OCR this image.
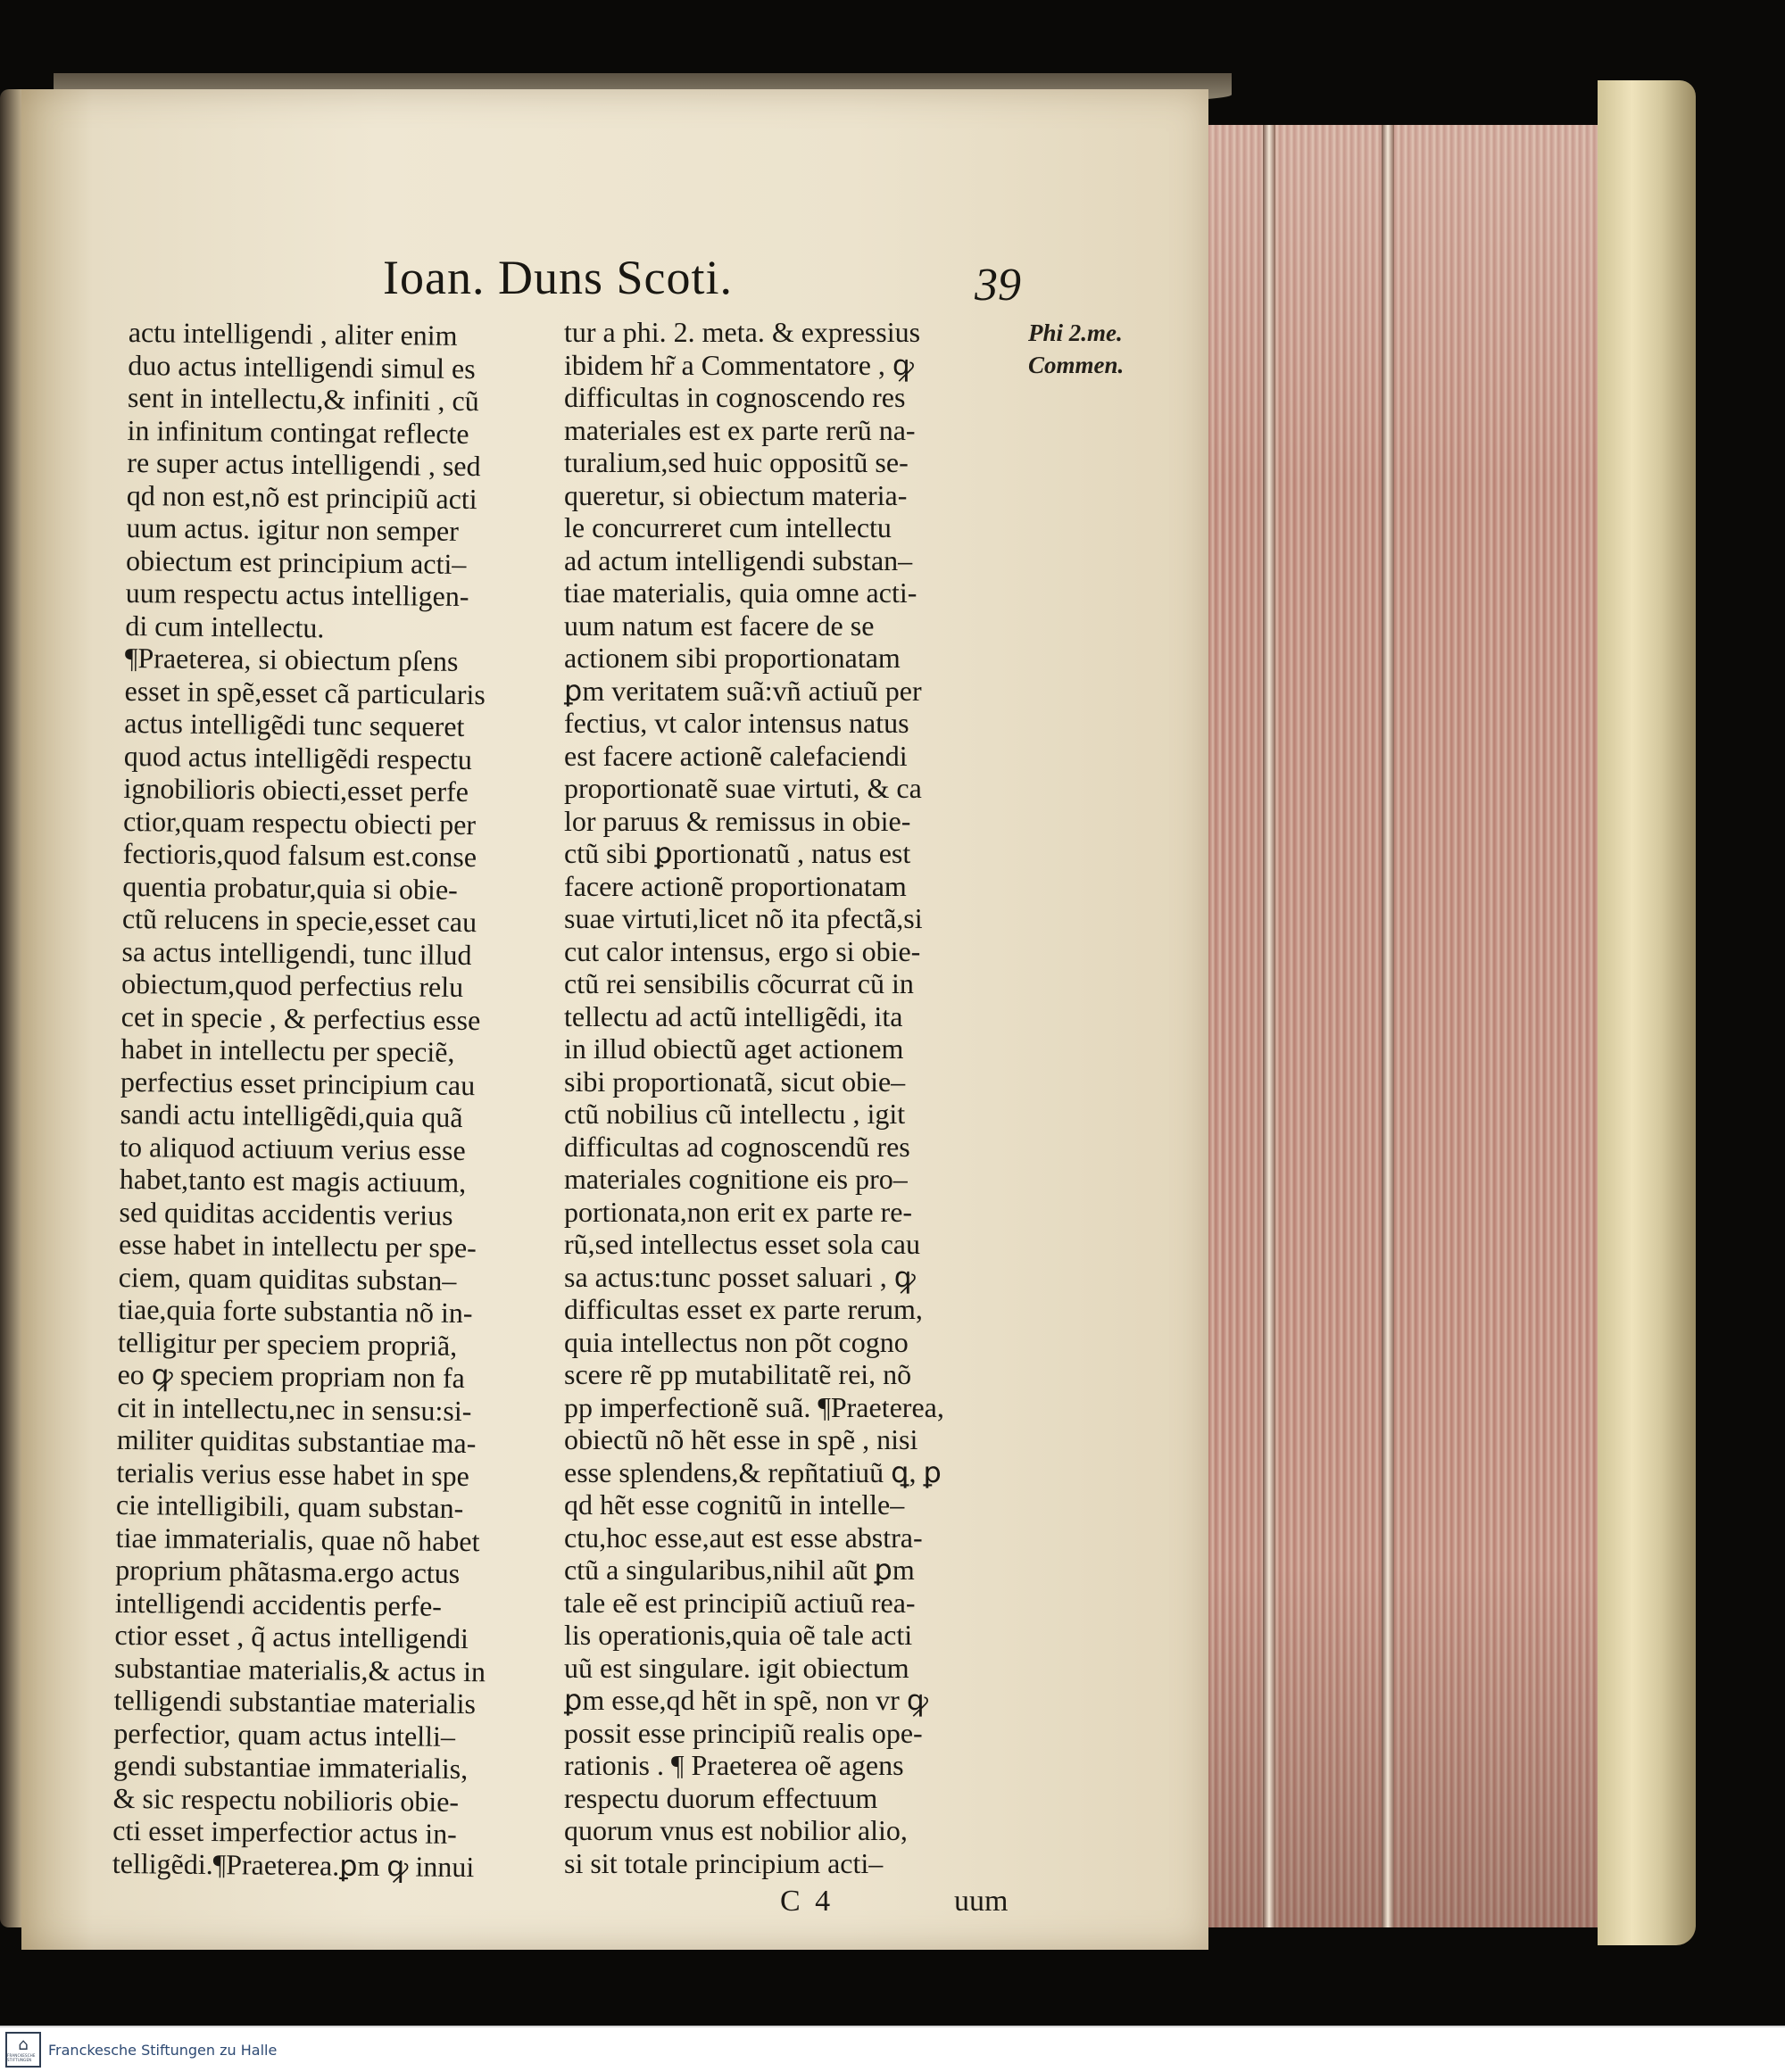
Ioan. Duns Scoti.	39
actu intelligendi , aliter enim
duo actus intelligendi simul es
sent in intellectu,& infiniti , cũ
in infinitum contingat reflecte
re super actus intelligendi , sed
qd non est,nõ est principiũ acti
uum actus. igitur non semper
obiectum est principium acti–
uum respectu actus intelligen-
di cum intellectu.
¶Praeterea, si obiectum pſens
esset in spẽ,esset cã particularis
actus intelligẽdi tunc sequeret
quod actus intelligẽdi respectu
ignobilioris obiecti,esset perfe
ctior,quam respectu obiecti per
fectioris,quod falsum est.conse
quentia probatur,quia si obie-
ctũ relucens in specie,esset cau
sa actus intelligendi, tunc illud
obiectum,quod perfectius relu
cet in specie , & perfectius esse
habet in intellectu per speciẽ,
perfectius esset principium cau
sandi actu intelligẽdi,quia quã
to aliquod actiuum verius esse
habet,tanto est magis actiuum,
sed quiditas accidentis verius
esse habet in intellectu per spe-
ciem, quam quiditas substan–
tiae,quia forte substantia nõ in-
telligitur per speciem propriã,
eo ꝙ speciem propriam non fa
cit in intellectu,nec in sensu:si-
militer quiditas substantiae ma-
terialis verius esse habet in spe
cie intelligibili, quam substan-
tiae immaterialis, quae nõ habet
proprium phãtasma.ergo actus
intelligendi accidentis perfe-
ctior esset , q̃ actus intelligendi
substantiae materialis,& actus in
telligendi substantiae materialis
perfectior, quam actus intelli–
gendi substantiae immaterialis,
& sic respectu nobilioris obie-
cti esset imperfectior actus in-
telligẽdi.¶Praeterea.ꝑm ꝙ innui
tur a phi. 2. meta. & expressius
ibidem hr̃ a Commentatore , ꝙ
difficultas in cognoscendo res
materiales est ex parte rerũ na-
turalium,sed huic oppositũ se-
queretur, si obiectum materia-
le concurreret cum intellectu
ad actum intelligendi substan–
tiae materialis, quia omne acti-
uum natum est facere de se
actionem sibi proportionatam
ꝑm veritatem suã:vñ actiuũ per
fectius, vt calor intensus natus
est facere actionẽ calefaciendi
proportionatẽ suae virtuti, & ca
lor paruus & remissus in obie-
ctũ sibi ꝑportionatũ , natus est
facere actionẽ proportionatam
suae virtuti,licet nõ ita pfectã,si
cut calor intensus, ergo si obie-
ctũ rei sensibilis cõcurrat cũ in
tellectu ad actũ intelligẽdi, ita
in illud obiectũ aget actionem
sibi proportionatã, sicut obie–
ctũ nobilius cũ intellectu , igit
difficultas ad cognoscendũ res
materiales cognitione eis pro–
portionata,non erit ex parte re-
rũ,sed intellectus esset sola cau
sa actus:tunc posset saluari , ꝙ
difficultas esset ex parte rerum,
quia intellectus non põt cogno
scere rẽ pp mutabilitatẽ rei, nõ
pp imperfectionẽ suã. ¶Praeterea,
obiectũ nõ hẽt esse in spẽ , nisi
esse splendens,& repñtatiuũ ꝗ, ꝑ
qd hẽt esse cognitũ in intelle–
ctu,hoc esse,aut est esse abstra-
ctũ a singularibus,nihil aũt ꝑm
tale eẽ est principiũ actiuũ rea-
lis operationis,quia oẽ tale acti
uũ est singulare. igit obiectum
ꝑm esse,qd hẽt in spẽ, non vr ꝙ
possit esse principiũ realis ope-
rationis . ¶ Praeterea oẽ agens
respectu duorum effectuum
quorum vnus est nobilior alio,
si sit totale principium acti–
Phi 2.me.
Commen.
C 4	uum
⌂
FRANCKESCHE STIFTUNGEN
Franckesche Stiftungen zu Halle
